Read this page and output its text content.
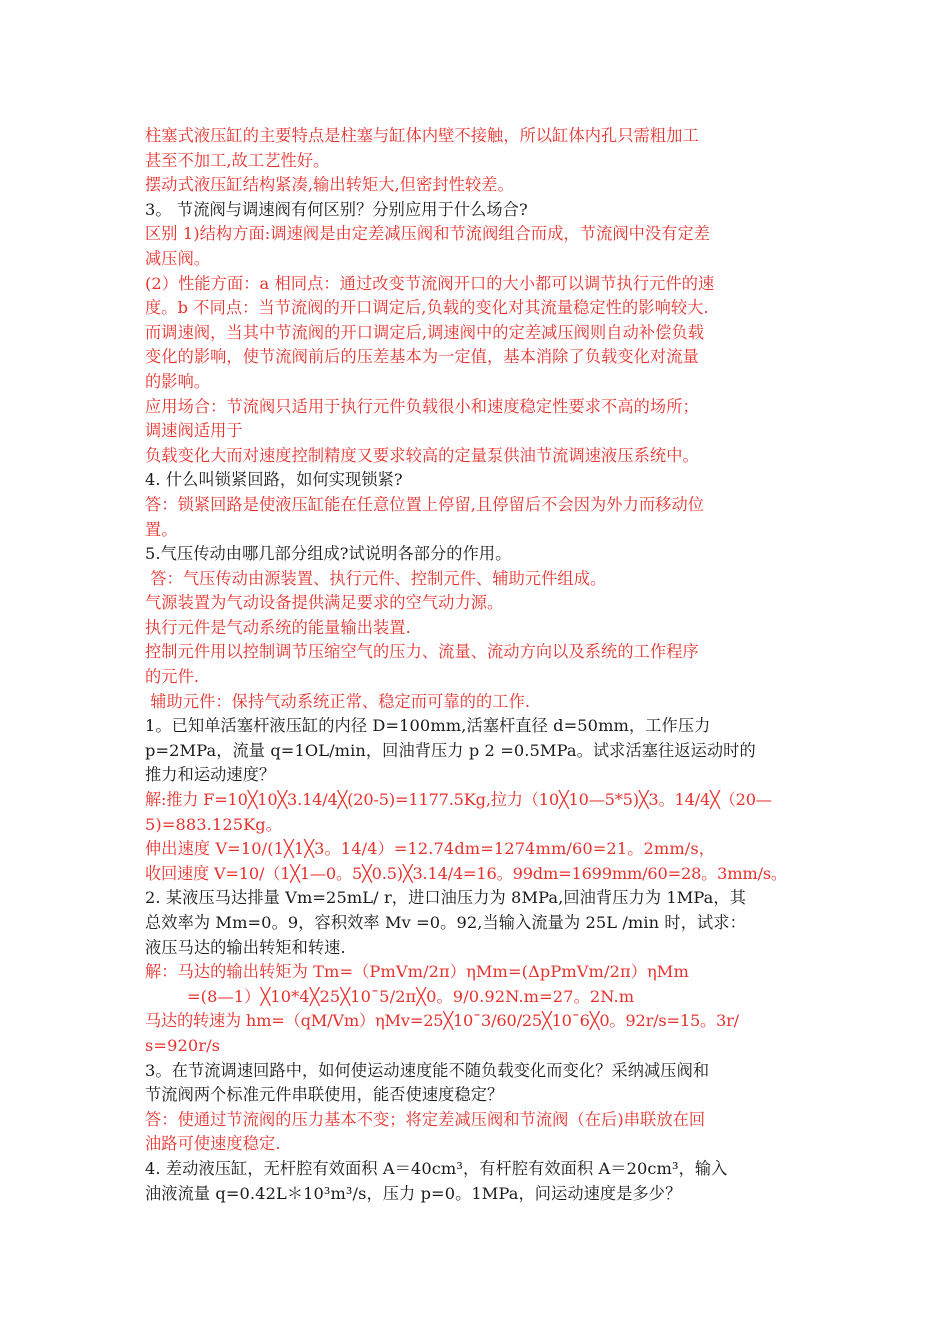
柱塞式液压缸的主要特点是柱塞与缸体内壁不接触，所以缸体内孔只需粗加工
甚至不加工,故工艺性好。
摆动式液压缸结构紧凑,输出转矩大,但密封性较差。
3。 节流阀与调速阀有何区别？分别应用于什么场合?
区别 1)结构方面:调速阀是由定差减压阀和节流阀组合而成，节流阀中没有定差
减压阀。
(2）性能方面：a 相同点：通过改变节流阀开口的大小都可以调节执行元件的速
度。b 不同点：当节流阀的开口调定后,负载的变化对其流量稳定性的影响较大.
而调速阀，当其中节流阀的开口调定后,调速阀中的定差减压阀则自动补偿负载
变化的影响，使节流阀前后的压差基本为一定值，基本消除了负载变化对流量
的影响。
应用场合：节流阀只适用于执行元件负载很小和速度稳定性要求不高的场所；
调速阀适用于
负载变化大而对速度控制精度又要求较高的定量泵供油节流调速液压系统中。
4. 什么叫锁紧回路，如何实现锁紧?
答：锁紧回路是使液压缸能在任意位置上停留,且停留后不会因为外力而移动位
置。
5.气压传动由哪几部分组成?试说明各部分的作用。
答：气压传动由源装置、执行元件、控制元件、辅助元件组成。
气源装置为气动设备提供满足要求的空气动力源。
执行元件是气动系统的能量输出装置.
控制元件用以控制调节压缩空气的压力、流量、流动方向以及系统的工作程序
的元件.
辅助元件：保持气动系统正常、稳定而可靠的的工作.
1。已知单活塞杆液压缸的内径 D=100mm,活塞杆直径 d=50mm，工作压力
p=2MPa，流量 q=1OL/min，回油背压力 p 2 =0.5MPa。试求活塞往返运动时的
推力和运动速度？
解:推力 F=10╳10╳3.14/4╳(20-5)=1177.5Kg,拉力（10╳10—5*5)╳3。14/4╳（20—
5)=883.125Kg。
伸出速度 V=10/(1╳1╳3。14/4）=12.74dm=1274mm/60=21。2mm/s，
收回速度 V=10/（1╳1—0。5╳0.5)╳3.14/4=16。99dm=1699mm/60=28。3mm/s。
2. 某液压马达排量 Vm=25mL/ r，进口油压力为 8MPa,回油背压力为 1MPa，其
总效率为 Mm=0。9，容积效率 Mv =0。92,当输入流量为 25L /min 时，试求：
液压马达的输出转矩和转速.
解：马达的输出转矩为 Tm=（PmVm/2π）ηMm=(ΔpPmVm/2π）ηMm
=(8—1）╳10*4╳25╳10ˉ5/2π╳0。9/0.92N.m=27。2N.m
马达的转速为 hm=（qM/Vm）ηMv=25╳10ˉ3/60/25╳10ˉ6╳0。92r/s=15。3r/
s=920r/s
3。在节流调速回路中，如何使运动速度能不随负载变化而变化？采纳减压阀和
节流阀两个标准元件串联使用，能否使速度稳定？
答：使通过节流阀的压力基本不变；将定差减压阀和节流阀（在后)串联放在回
油路可使速度稳定.
4. 差动液压缸，无杆腔有效面积 A＝40cm³，有杆腔有效面积 A＝20cm³，输入
油液流量 q=0.42L＊10³m³/s，压力 p=0。1MPa，问运动速度是多少？
